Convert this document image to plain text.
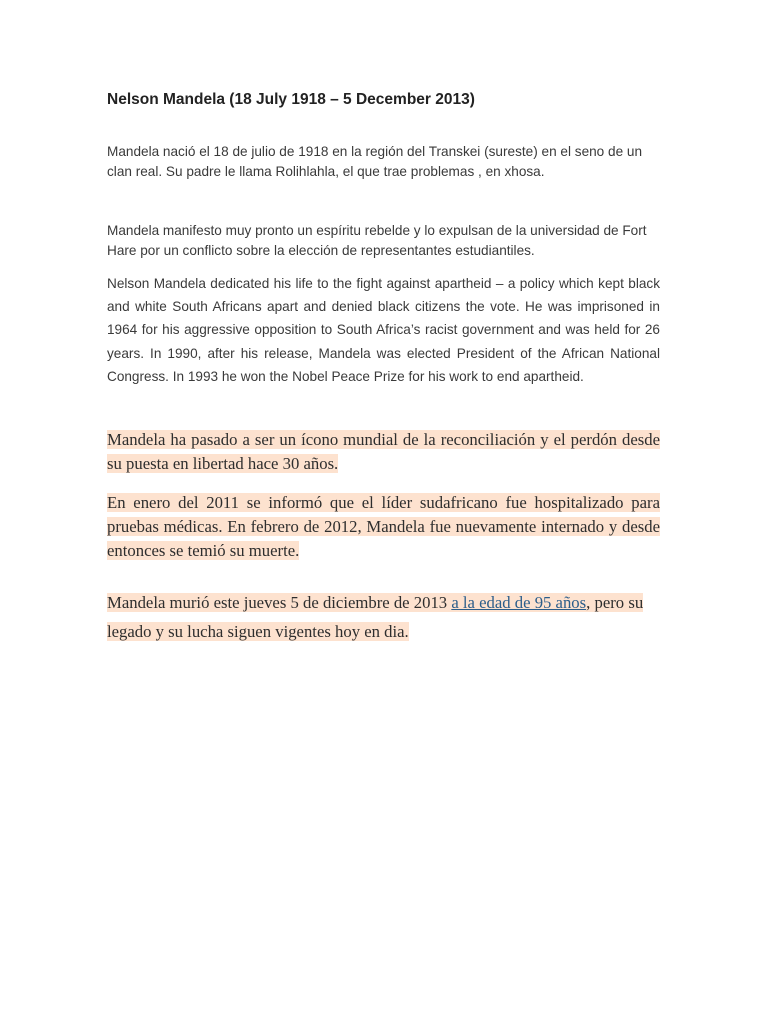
Nelson Mandela (18 July 1918 – 5 December 2013)

Mandela nació el 18 de julio de 1918 en la región del Transkei (sureste) en el seno de un clan real. Su padre le llama Rolihlahla, el que trae problemas , en xhosa.

Mandela manifesto muy pronto un espíritu rebelde y lo expulsan de la universidad de Fort Hare por un conflicto sobre la elección de representantes estudiantiles.

Nelson Mandela dedicated his life to the fight against apartheid – a policy which kept black and white South Africans apart and denied black citizens the vote. He was imprisoned in 1964 for his aggressive opposition to South Africa’s racist government and was held for 26 years. In 1990, after his release, Mandela was elected President of the African National Congress. In 1993 he won the Nobel Peace Prize for his work to end apartheid.

Mandela ha pasado a ser un ícono mundial de la reconciliación y el perdón desde su puesta en libertad hace 30 años.

En enero del 2011 se informó que el líder sudafricano fue hospitalizado para pruebas médicas. En febrero de 2012, Mandela fue nuevamente internado y desde entonces se temió su muerte.

Mandela murió este jueves 5 de diciembre de 2013 a la edad de 95 años, pero su legado y su lucha siguen vigentes hoy en dia.
